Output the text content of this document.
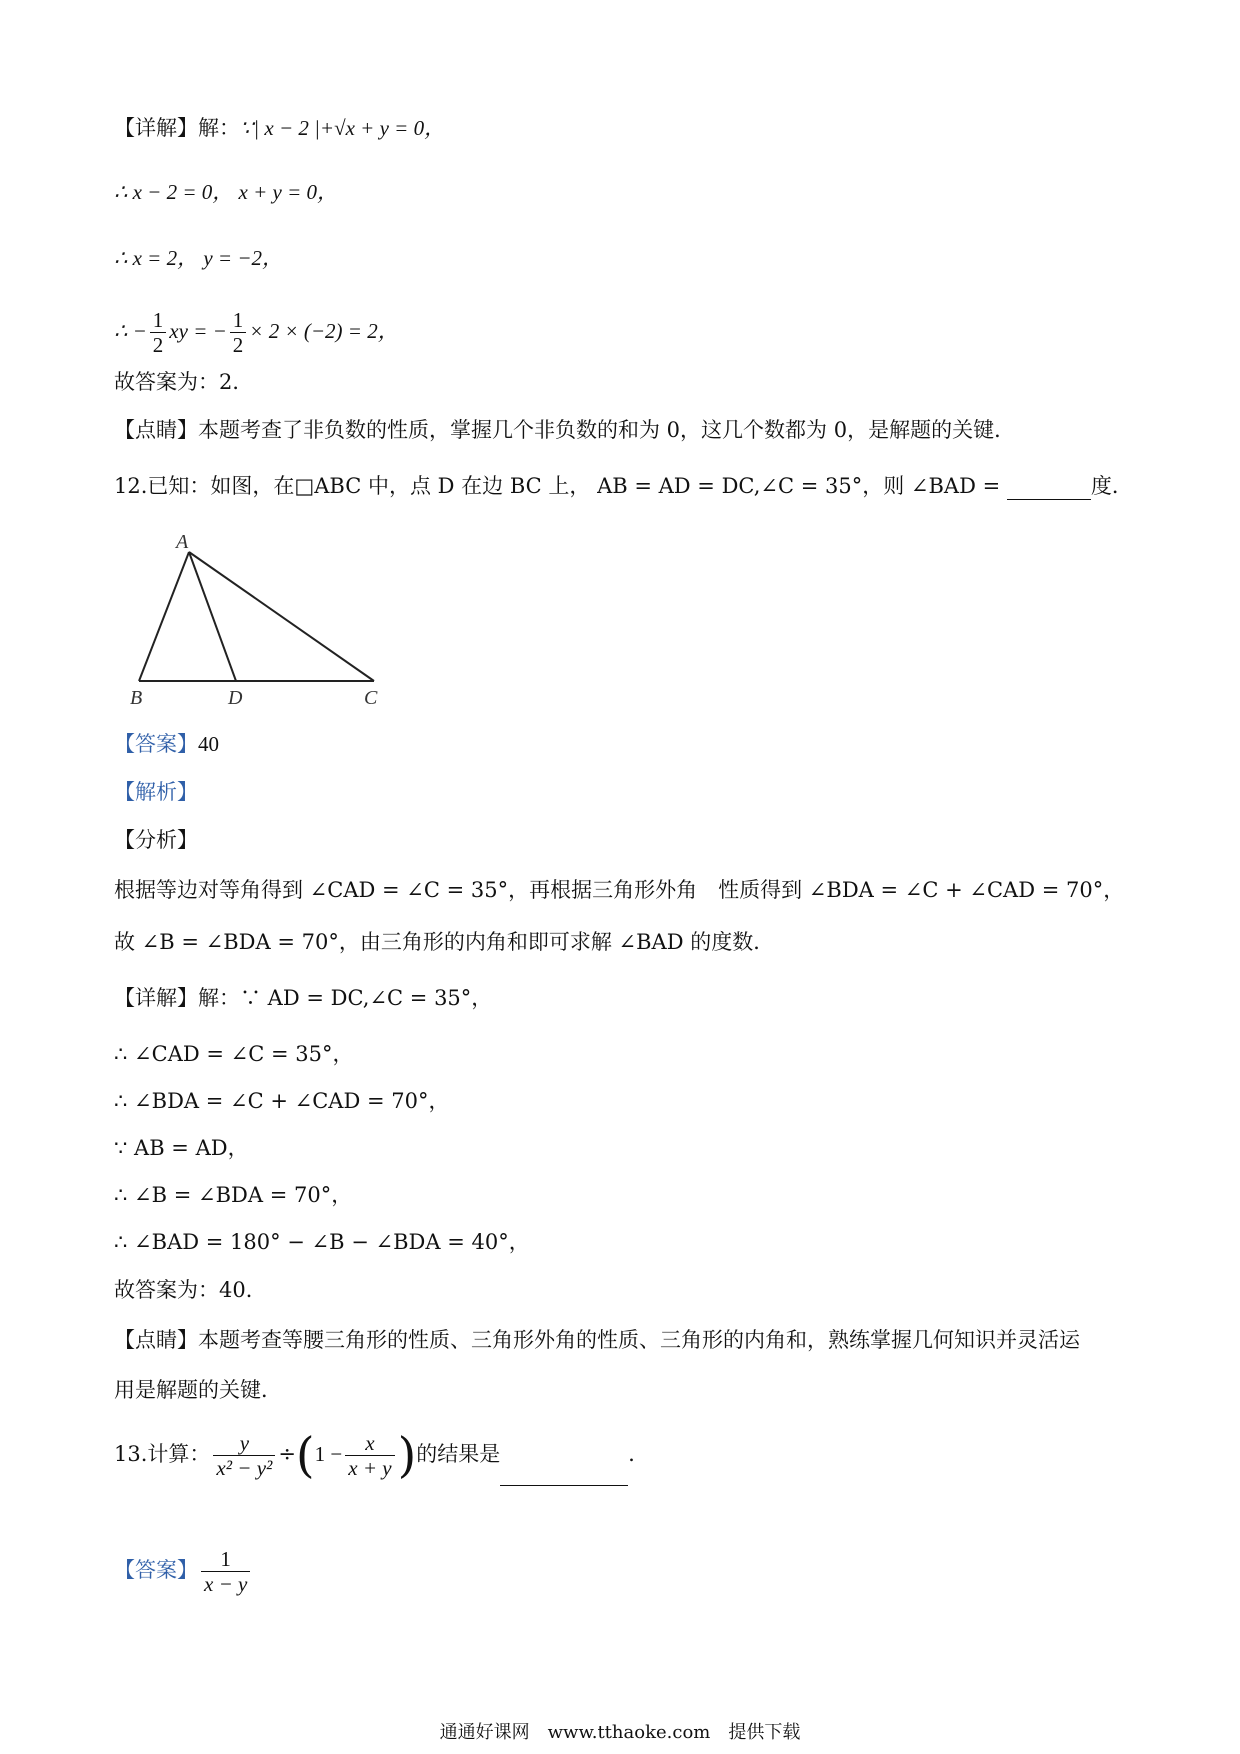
【详解】解：∵| x − 2 |+√x + y = 0，
∴ x − 2 = 0， x + y = 0，
∴ x = 2， y = −2，
∴ − $\frac{1}{2}$ xy = − $\frac{1}{2} \times 2 \times (-2) = 2$，
故答案为：2．
【点睛】本题考查了非负数的性质，掌握几个非负数的和为 0，这几个数都为 0，是解题的关键．
12.已知：如图，在□ABC 中，点 D 在边 BC 上， AB = AD = DC,∠C = 35°，则 ∠BAD =	度．
A
B	D	C
【答案】40
【解析】
【分析】
根据等边对等角得到 ∠CAD = ∠C = 35°，再根据三角形外角　性质得到 ∠BDA = ∠C + ∠CAD = 70°，
故 ∠B = ∠BDA = 70°，由三角形的内角和即可求解 ∠BAD 的度数．
【详解】解：∵ AD = DC,∠C = 35°，
∴ ∠CAD = ∠C = 35°，
∴ ∠BDA = ∠C + ∠CAD = 70°，
∵ AB = AD，
∴ ∠B = ∠BDA = 70°，
∴ ∠BAD = 180° − ∠B − ∠BDA = 40°，
故答案为：40．
【点睛】本题考查等腰三角形的性质、三角形外角的性质、三角形的内角和，熟练掌握几何知识并灵活运
用是解题的关键．
13.计算： $\frac{y}{\text{x² − y²}} \div(1 - \frac{x}{x + y}$ )的结果是	．
【答案】 $\frac{1}{x - y}$
通通好课网　www.tthaoke.com　提供下载
